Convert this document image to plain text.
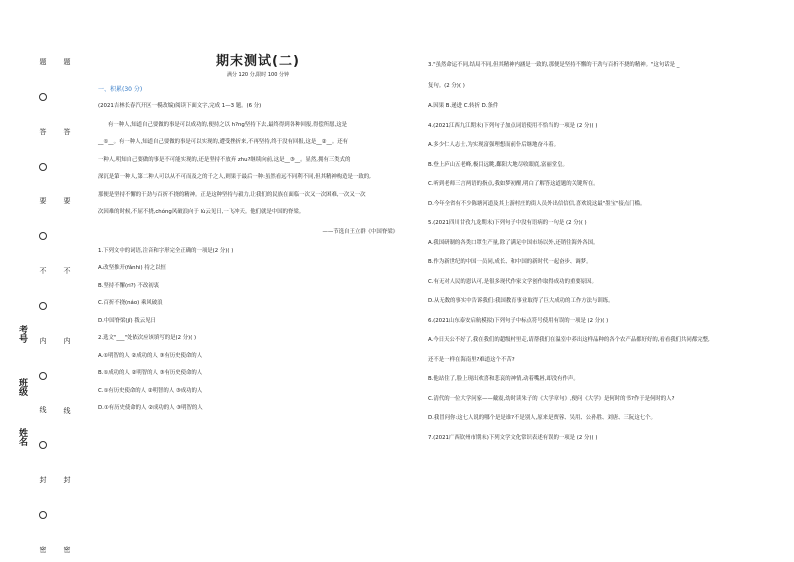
题
答
要
不
内
线
封
密
题
答
要
不
内
线
封
密
考号
班级
姓名
期末测试(二)
满分 120 分,限时 100 分钟
一、积累(30 分)
(2021吉林长春汽开区一模改编)阅读下面文字,完成 1—3 题。(6 分)
有一种人,知道自己要做的事是可以成功的,便持之以 h?ng坚持下去,最终得到各种回报,得偿所愿,这是
__①__。有一种人,知道自己要做的事是可以实现的,遭受挫折来,不再坚持,终于没有回报,这是__②__。还有
一种人,明知自己要做的事是不可能实现的,还是坚持不放弃 zhu?继续向前,这是__③__。显然,拥有三类式的
深沉是第一种人,第二种人可以从不可而及之的千之人,则果于最后一种:虽然看远不同利不同,但其精神构造是一致的,
那便是坚持不懈的干劲与百折不挠的精神。正是这种坚持与毅力,让我们的民族在面临一次又一次困难,一次又一次
次因难的时候,不屈不挠,chóng风破浪向于 lù云见日,一飞冲天。他们就是中国的脊梁。
——节选自王立群《中国脊梁》
1.下列文中的词语,注音和字形完全正确的一项是(2 分)( )
A.改坚推开(fǎnhi) 持之以恒
B.坚持不懈(ri?) 不改初衷
C.百折不挠(náo) 乘风破浪
D.中国脊梁(jǐ) 拨云见日
2.选文"___"处依次应该填写的是(2 分)( )
A.①明智的人 ②成功的人 ③有历史使命的人
B.①成功的人 ②明智的人 ③有历史使命的人
C.①有历史使命的人 ②明智的人 ③成功的人
D.①有历史使命的人 ②成功的人 ③明智的人
3."虽然命运不同,结局不同,但其精神内涵是一致的,那便是坚持不懈的干劲与百折不挠的精神。"这句话是 _
复句。(2 分)( )
A.因果 B.递进 C.转折 D.条件
4.(2021江西九江期末)下列句子加点词语使用不恰当的一项是 (2 分)( )
A.多少仁人志士,为实现富强理想而前仆后继地奋斗着。
B.登上庐山五老峰,极目远眺,鄱阳大地尽收眼底,富丽堂皇。
C.听到老师三言两语的指点,我如梦初醒,明白了解答这道题的关键所在。
D.今年全省有不少陈塘河道及其上游村庄的街人员外出信信信,喜欢说这最"墨宝"接点门槛。
5.(2021四川甘孜九龙期末)下列句子中没有语病的一句是 (2 分)( )
A.我国研制的各类口罩生产量,除了满足中国市场以外,还销往海外各国。
B.作为新世纪的中国一员同,成长、和中国的新时代一起奋步、调梦。
C.有无对人民的恩认可,是很多现代作家文学创作取得成功的重要原因。
D.从无数的事实中告诉我们:我国教育事业取得了巨大成功的工作方法与训练。
6.(2021山东泰安启航模拟)下列句子中标点符号使用有误的一项是 (2 分)( )
A.今日天公不好了,我在我们的超级村里走,请帮我们在温室中养出这样品种的各个农产品都好好的,看看我们共同都完整,
还不是一样在海南里?难道这个不苦?
B.他站住了,脸上现出欢喜和悲哀的神情,动着嘴唇,却没有作声。
C.清代的一位大学问家——戴震,幼时读朱子的《大学章句》,便问《大学》是何时的书?作于是何时的人?
D.我冒问你:这七人说的哪个是是谁?不是别人,原来是贾蓉、吴用、公孙胜、刘唐、三阮这七个。
7.(2021广西钦州市期末)下列文学文化常识表述有误的一项是 (2 分)( )
